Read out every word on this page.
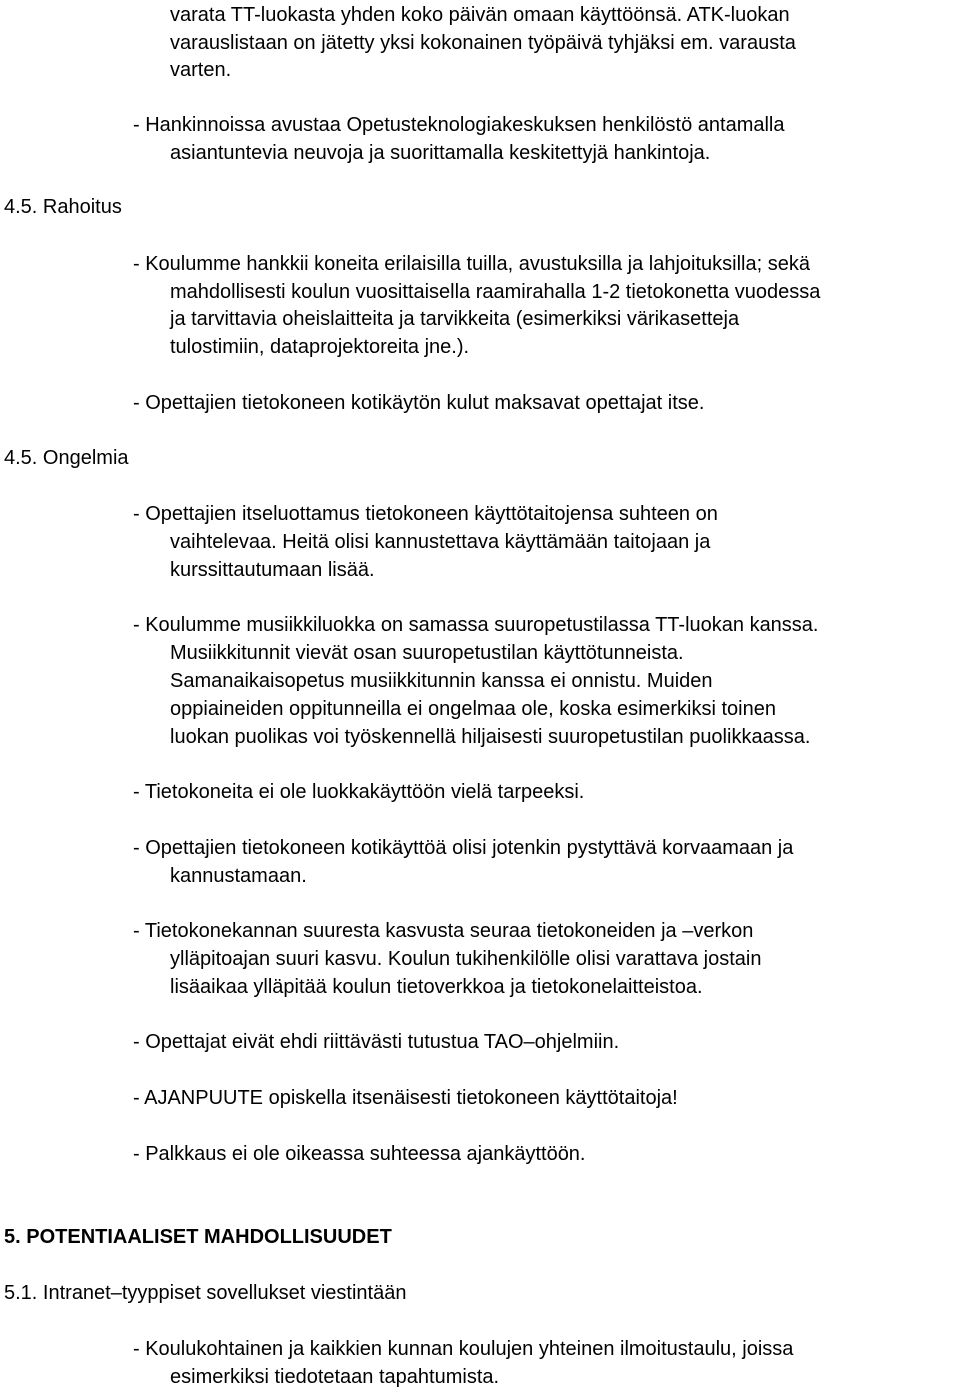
varata TT-luokasta yhden koko päivän omaan käyttöönsä. ATK-luokan
varauslistaan on jätetty yksi kokonainen työpäivä tyhjäksi em. varausta
varten.
- Hankinnoissa avustaa Opetusteknologiakeskuksen henkilöstö antamalla
asiantuntevia neuvoja ja suorittamalla keskitettyjä hankintoja.
4.5. Rahoitus
- Koulumme hankkii koneita erilaisilla tuilla, avustuksilla ja lahjoituksilla; sekä
mahdollisesti koulun vuosittaisella raamirahalla 1-2 tietokonetta vuodessa
ja tarvittavia oheislaitteita ja tarvikkeita (esimerkiksi värikasetteja
tulostimiin, dataprojektoreita jne.).
- Opettajien tietokoneen kotikäytön kulut maksavat opettajat itse.
4.5. Ongelmia
- Opettajien itseluottamus tietokoneen käyttötaitojensa suhteen on
vaihtelevaa. Heitä olisi kannustettava käyttämään taitojaan ja
kurssittautumaan lisää.
- Koulumme musiikkiluokka on samassa suuropetustilassa TT-luokan kanssa.
Musiikkitunnit vievät osan suuropetustilan käyttötunneista.
Samanaikaisopetus musiikkitunnin kanssa ei onnistu. Muiden
oppiaineiden oppitunneilla ei ongelmaa ole, koska esimerkiksi toinen
luokan puolikas voi työskennellä hiljaisesti suuropetustilan puolikkaassa.
- Tietokoneita ei ole luokkakäyttöön vielä tarpeeksi.
- Opettajien tietokoneen kotikäyttöä olisi jotenkin pystyttävä korvaamaan ja
kannustamaan.
- Tietokonekannan suuresta kasvusta seuraa tietokoneiden ja –verkon
ylläpitoajan suuri kasvu. Koulun tukihenkilölle olisi varattava jostain
lisäaikaa ylläpitää koulun tietoverkkoa ja tietokonelaitteistoa.
- Opettajat eivät ehdi riittävästi tutustua TAO–ohjelmiin.
- AJANPUUTE opiskella itsenäisesti tietokoneen käyttötaitoja!
- Palkkaus ei ole oikeassa suhteessa ajankäyttöön.
5. POTENTIAALISET MAHDOLLISUUDET
5.1. Intranet–tyyppiset sovellukset viestintään
- Koulukohtainen ja kaikkien kunnan koulujen yhteinen ilmoitustaulu, joissa
esimerkiksi tiedotetaan tapahtumista.
